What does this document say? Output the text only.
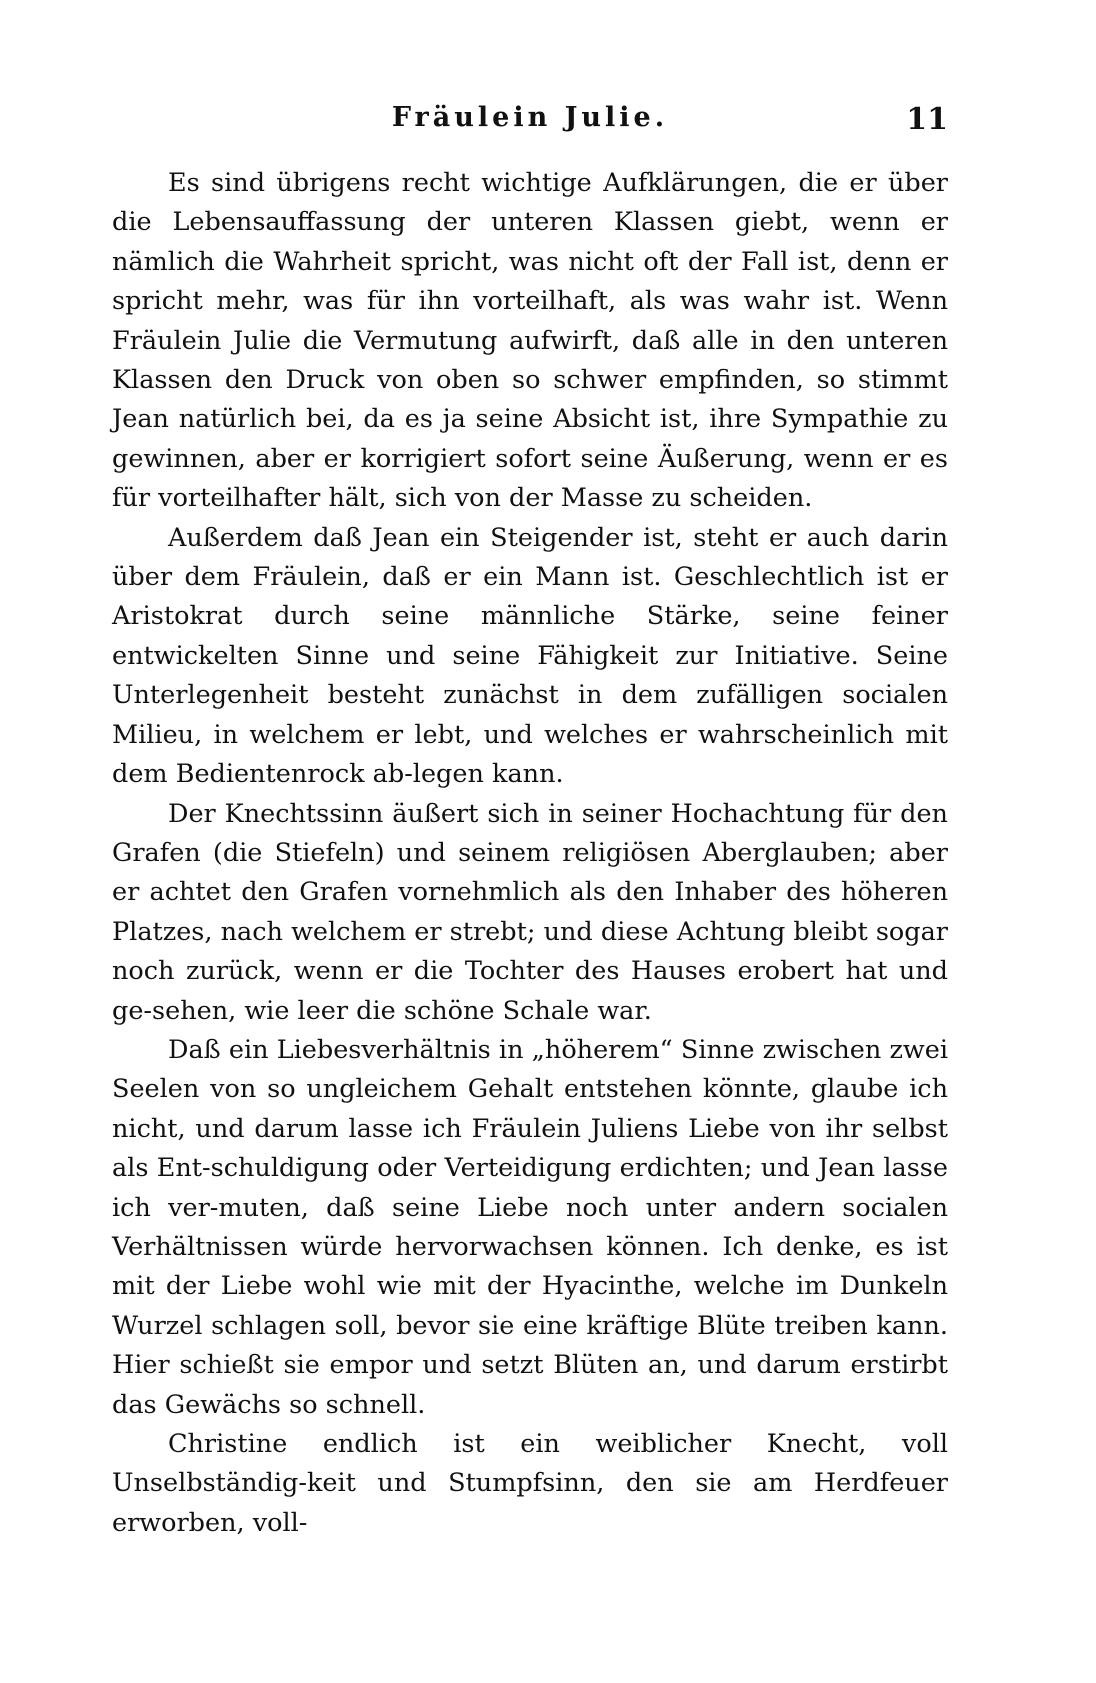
Fräulein Julie.	11

Es sind übrigens recht wichtige Aufklärungen, die er über die Lebensauffassung der unteren Klassen giebt, wenn er nämlich die Wahrheit spricht, was nicht oft der Fall ist, denn er spricht mehr, was für ihn vorteilhaft, als was wahr ist. Wenn Fräulein Julie die Vermutung aufwirft, daß alle in den unteren Klassen den Druck von oben so schwer empfinden, so stimmt Jean natürlich bei, da es ja seine Absicht ist, ihre Sympathie zu gewinnen, aber er korrigiert sofort seine Äußerung, wenn er es für vorteilhafter hält, sich von der Masse zu scheiden.

Außerdem daß Jean ein Steigender ist, steht er auch darin über dem Fräulein, daß er ein Mann ist. Geschlechtlich ist er Aristokrat durch seine männliche Stärke, seine feiner entwickelten Sinne und seine Fähigkeit zur Initiative. Seine Unterlegenheit besteht zunächst in dem zufälligen socialen Milieu, in welchem er lebt, und welches er wahrscheinlich mit dem Bedientenrock ab-legen kann.

Der Knechtssinn äußert sich in seiner Hochachtung für den Grafen (die Stiefeln) und seinem religiösen Aberglauben; aber er achtet den Grafen vornehmlich als den Inhaber des höheren Platzes, nach welchem er strebt; und diese Achtung bleibt sogar noch zurück, wenn er die Tochter des Hauses erobert hat und ge-sehen, wie leer die schöne Schale war.

Daß ein Liebesverhältnis in „höherem“ Sinne zwischen zwei Seelen von so ungleichem Gehalt entstehen könnte, glaube ich nicht, und darum lasse ich Fräulein Juliens Liebe von ihr selbst als Ent-schuldigung oder Verteidigung erdichten; und Jean lasse ich ver-muten, daß seine Liebe noch unter andern socialen Verhältnissen würde hervorwachsen können. Ich denke, es ist mit der Liebe wohl wie mit der Hyacinthe, welche im Dunkeln Wurzel schlagen soll, bevor sie eine kräftige Blüte treiben kann. Hier schießt sie empor und setzt Blüten an, und darum erstirbt das Gewächs so schnell.

Christine endlich ist ein weiblicher Knecht, voll Unselbständig-keit und Stumpfsinn, den sie am Herdfeuer erworben, voll-
